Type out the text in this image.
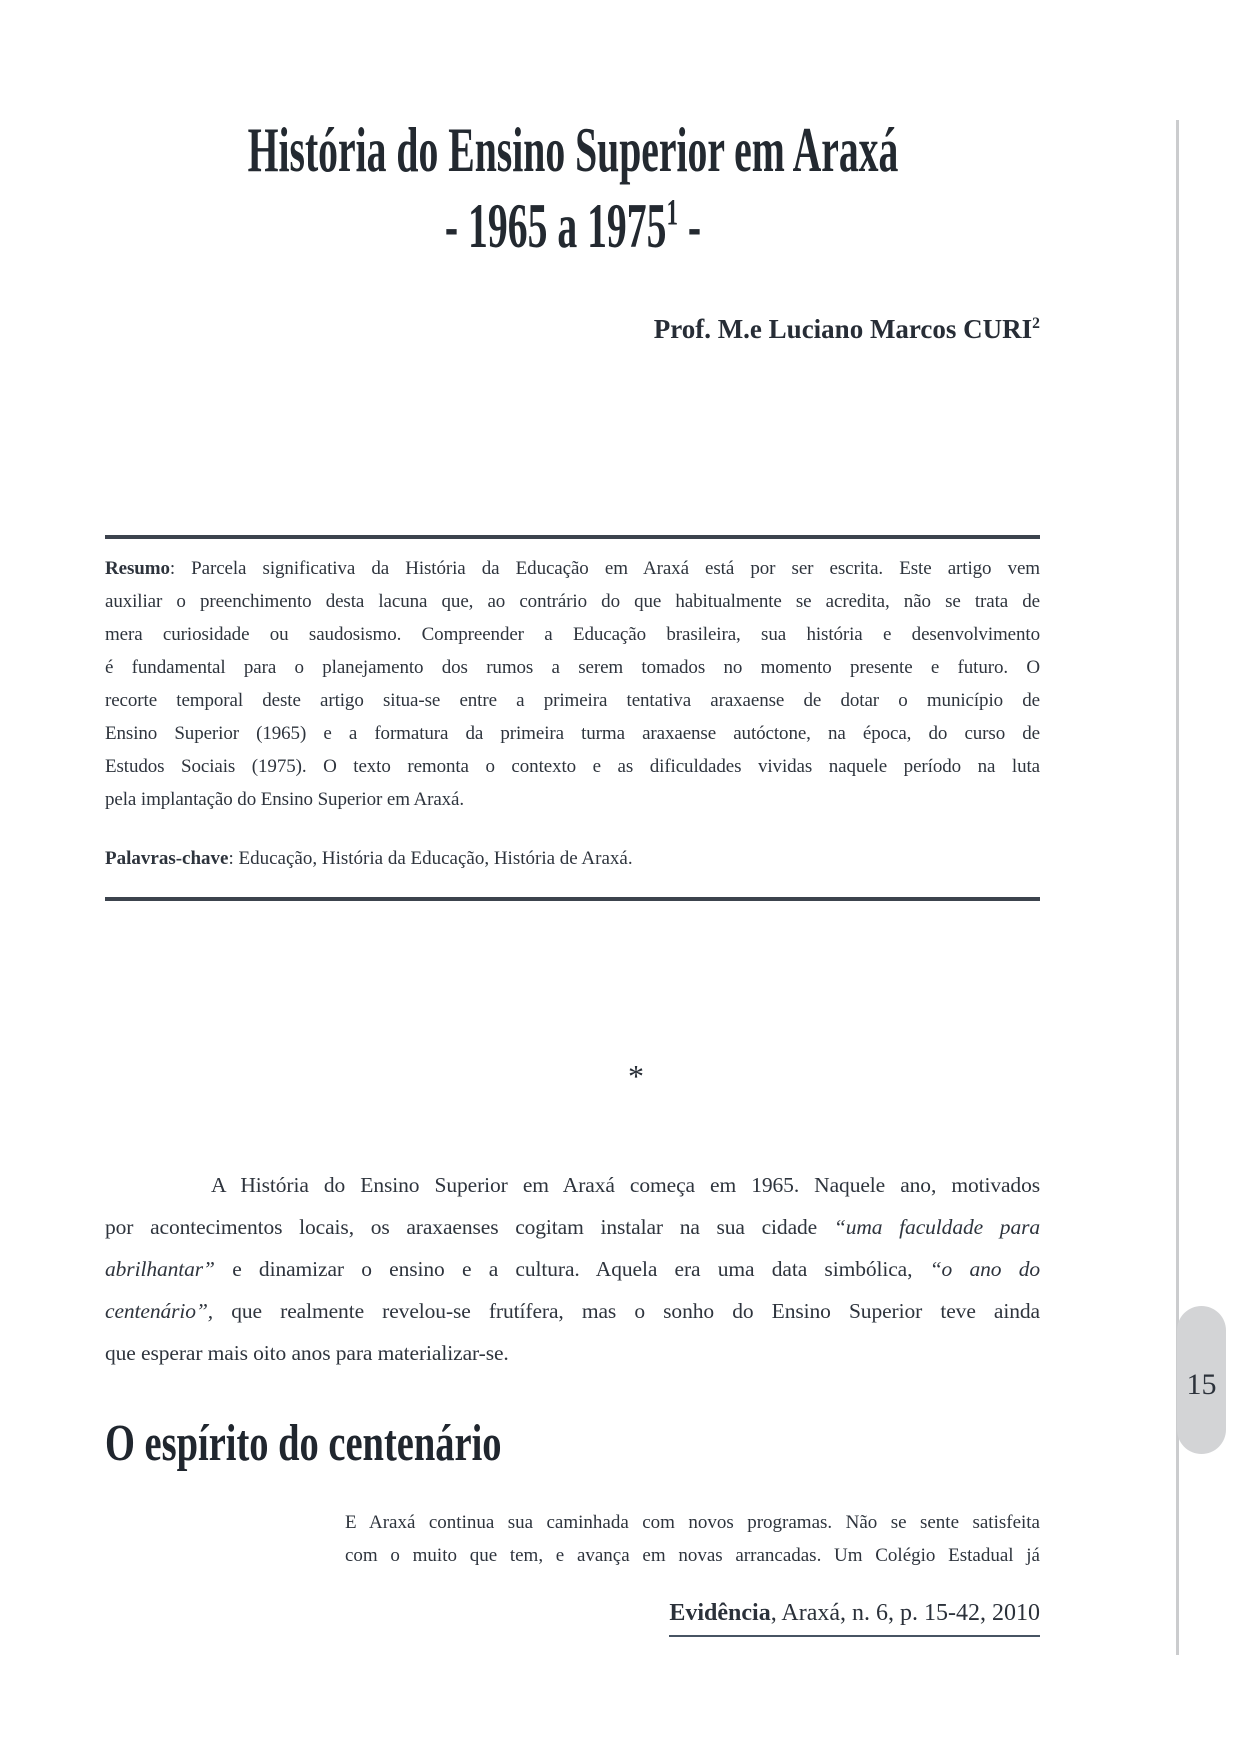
História do Ensino Superior em Araxá
- 1965 a 1975$^1$ -
Prof. M.e Luciano Marcos CURI$^2$
Resumo: Parcela significativa da História da Educação em Araxá está por ser escrita. Este artigo vem
auxiliar o preenchimento desta lacuna que, ao contrário do que habitualmente se acredita, não se trata de
mera curiosidade ou saudosismo. Compreender a Educação brasileira, sua história e desenvolvimento
é fundamental para o planejamento dos rumos a serem tomados no momento presente e futuro. O
recorte temporal deste artigo situa-se entre a primeira tentativa araxaense de dotar o município de
Ensino Superior (1965) e a formatura da primeira turma araxaense autóctone, na época, do curso de
Estudos Sociais (1975). O texto remonta o contexto e as dificuldades vividas naquele período na luta
pela implantação do Ensino Superior em Araxá.
Palavras-chave: Educação, História da Educação, História de Araxá.
*
A História do Ensino Superior em Araxá começa em 1965. Naquele ano, motivados
por acontecimentos locais, os araxaenses cogitam instalar na sua cidade “uma faculdade para
abrilhantar” e dinamizar o ensino e a cultura. Aquela era uma data simbólica, “o ano do
centenário”, que realmente revelou-se frutífera, mas o sonho do Ensino Superior teve ainda
que esperar mais oito anos para materializar-se.
O espírito do centenário
E Araxá continua sua caminhada com novos programas. Não se sente satisfeita
com o muito que tem, e avança em novas arrancadas. Um Colégio Estadual já
Evidência, Araxá, n. 6, p. 15-42, 2010
15
